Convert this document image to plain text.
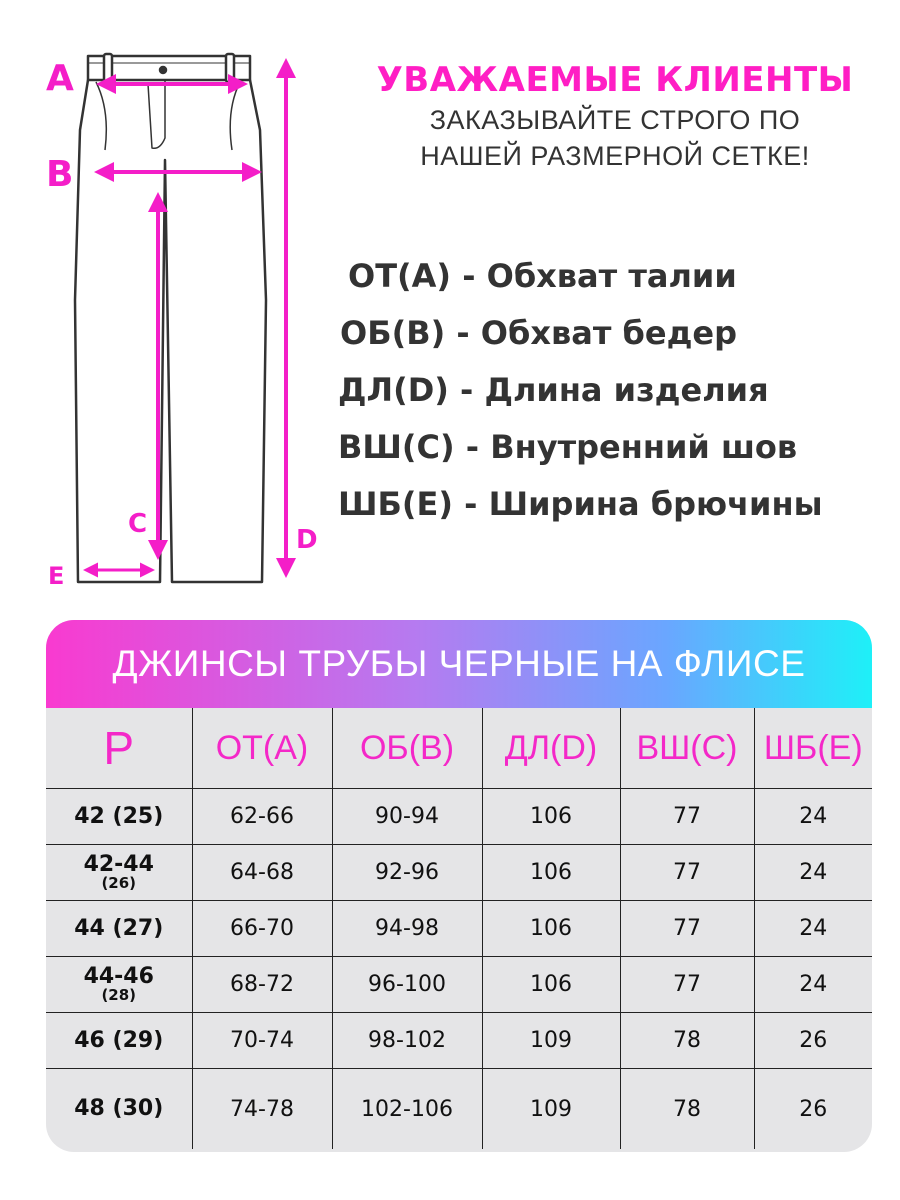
A
B
C
D
E
УВАЖАЕМЫЕ КЛИЕНТЫ
ЗАКАЗЫВАЙТЕ СТРОГО ПО
НАШЕЙ РАЗМЕРНОЙ СЕТКЕ!
ОТ(А) - Обхват талии
ОБ(В) - Обхват бедер
ДЛ(D) - Длина изделия
ВШ(С) - Внутренний шов
ШБ(Е) - Ширина брючины
ДЖИНСЫ ТРУБЫ ЧЕРНЫЕ НА ФЛИСЕ
Р	ОТ(А)	ОБ(В)	ДЛ(D)	ВШ(С)	ШБ(Е)
42 (25)	62-66	90-94	106	77	24
42-44
(26)	64-68	92-96	106	77	24
44 (27)	66-70	94-98	106	77	24
44-46
(28)	68-72	96-100	106	77	24
46 (29)	70-74	98-102	109	78	26
48 (30)	74-78	102-106	109	78	26
